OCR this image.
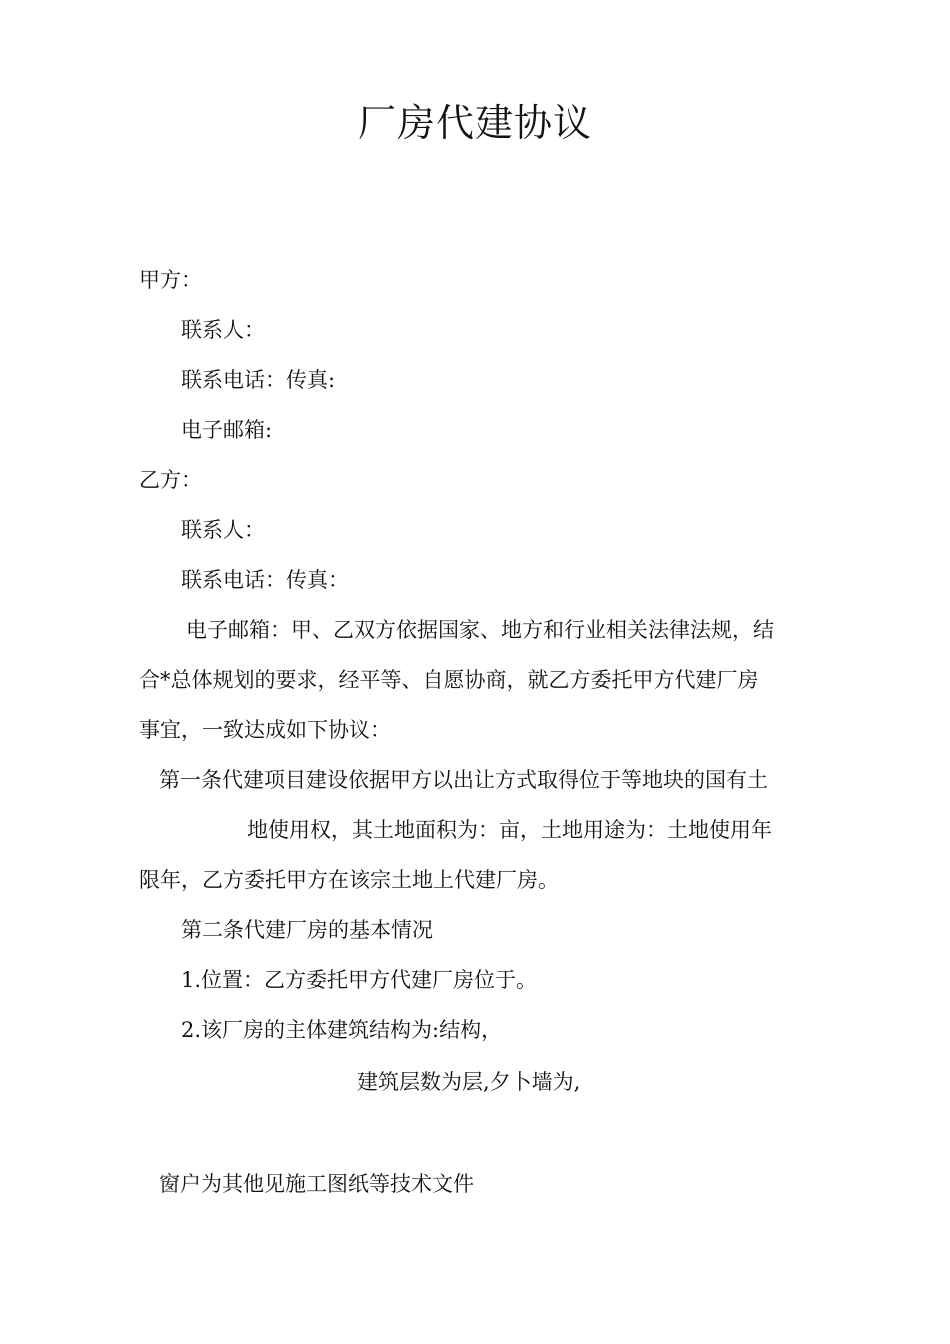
厂房代建协议

甲方：

联系人：

联系电话：传真:

电子邮箱:

乙方：

联系人：

联系电话：传真：

电子邮箱：甲、乙双方依据国家、地方和行业相关法律法规，结

合*总体规划的要求，经平等、自愿协商，就乙方委托甲方代建厂房

事宜，一致达成如下协议：

第一条代建项目建设依据甲方以出让方式取得位于等地块的国有土

地使用权，其土地面积为：亩，土地用途为：土地使用年

限年，乙方委托甲方在该宗土地上代建厂房。

第二条代建厂房的基本情况

1.位置：乙方委托甲方代建厂房位于。

2.该厂房的主体建筑结构为:结构，

建筑层数为层,夕卜墙为,

窗户为其他见施工图纸等技术文件
